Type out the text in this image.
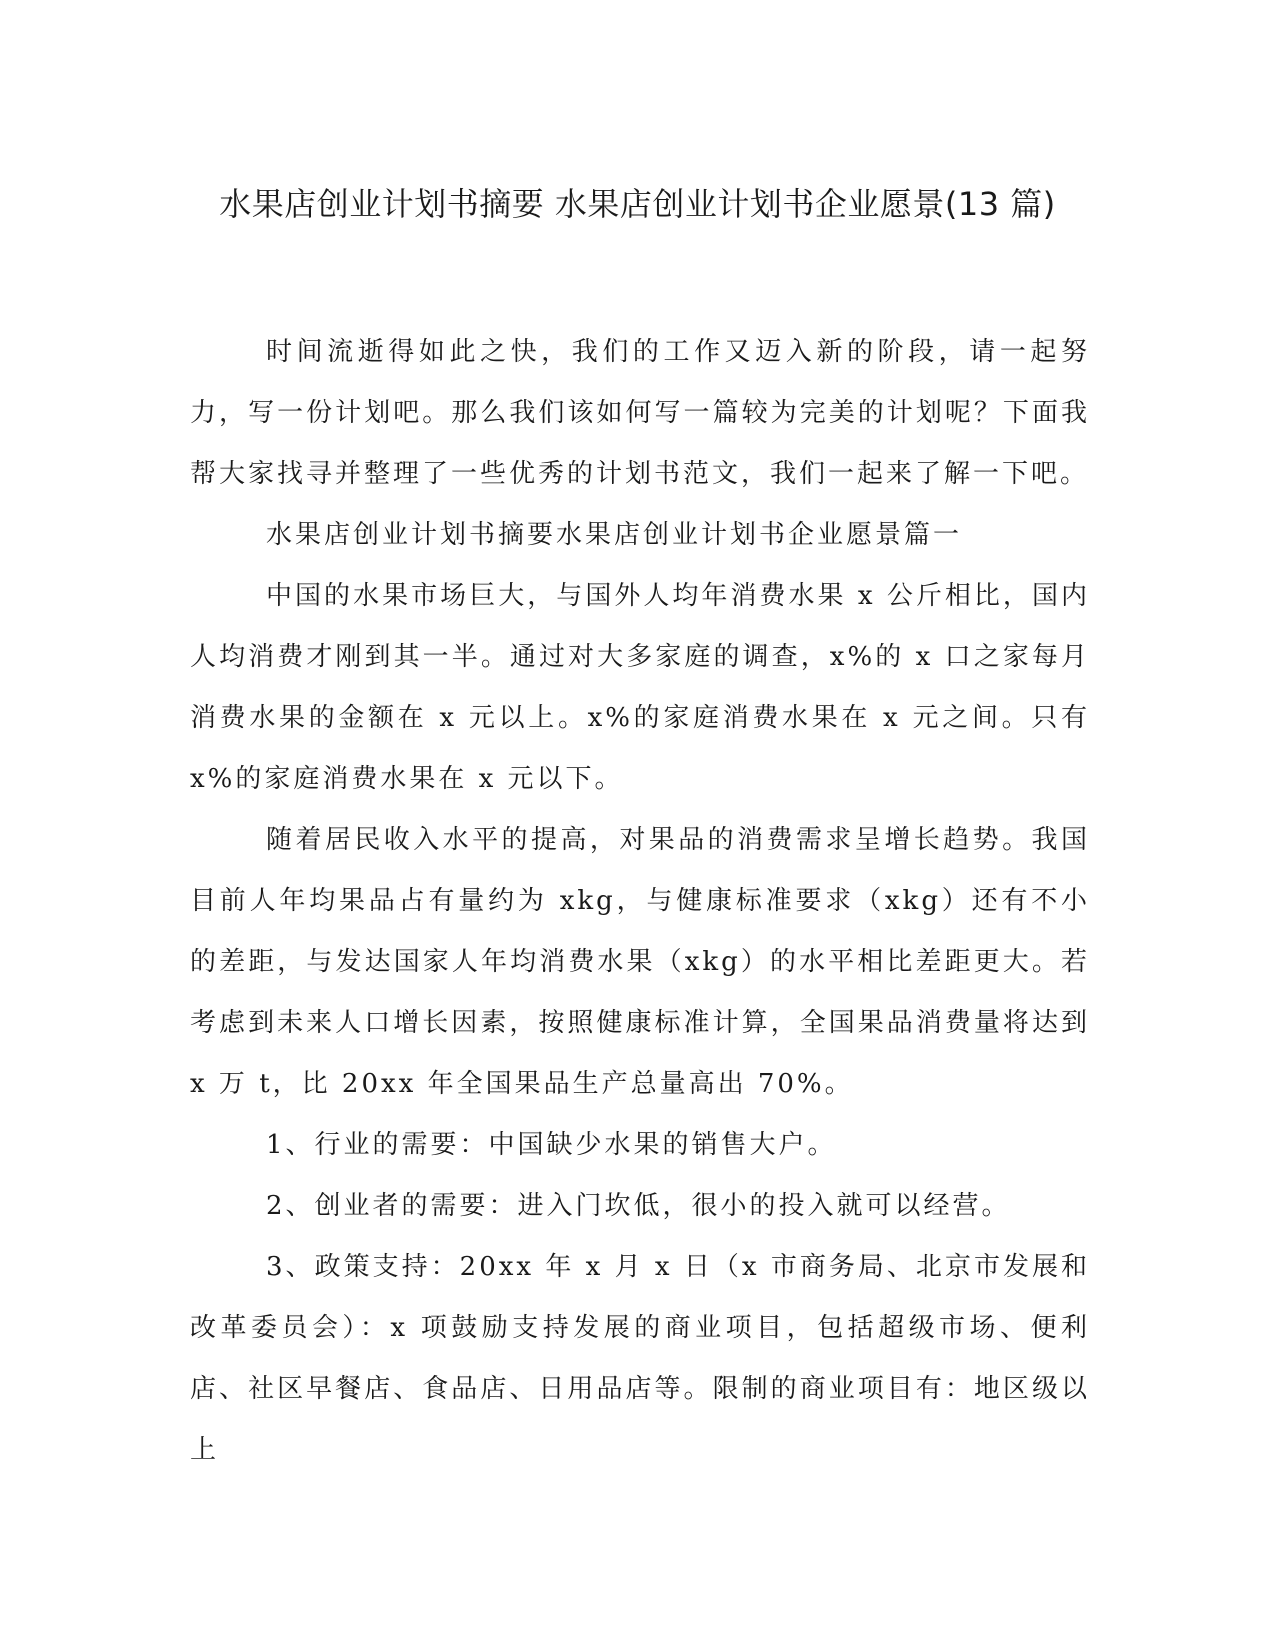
水果店创业计划书摘要 水果店创业计划书企业愿景(13 篇)

时间流逝得如此之快，我们的工作又迈入新的阶段，请一起努力，写一份计划吧。那么我们该如何写一篇较为完美的计划呢？下面我帮大家找寻并整理了一些优秀的计划书范文，我们一起来了解一下吧。

水果店创业计划书摘要水果店创业计划书企业愿景篇一

中国的水果市场巨大，与国外人均年消费水果 x 公斤相比，国内人均消费才刚到其一半。通过对大多家庭的调查，x%的 x 口之家每月消费水果的金额在 x 元以上。x%的家庭消费水果在 x 元之间。只有 x%的家庭消费水果在 x 元以下。

随着居民收入水平的提高，对果品的消费需求呈增长趋势。我国目前人年均果品占有量约为 xkg，与健康标准要求（xkg）还有不小的差距，与发达国家人年均消费水果（xkg）的水平相比差距更大。若考虑到未来人口增长因素，按照健康标准计算，全国果品消费量将达到 x 万 t，比 20xx 年全国果品生产总量高出 70%。

1、行业的需要：中国缺少水果的销售大户。

2、创业者的需要：进入门坎低，很小的投入就可以经营。

3、政策支持：20xx 年 x 月 x 日（x 市商务局、北京市发展和改革委员会）：x 项鼓励支持发展的商业项目，包括超级市场、便利店、社区早餐店、食品店、日用品店等。限制的商业项目有：地区级以上
